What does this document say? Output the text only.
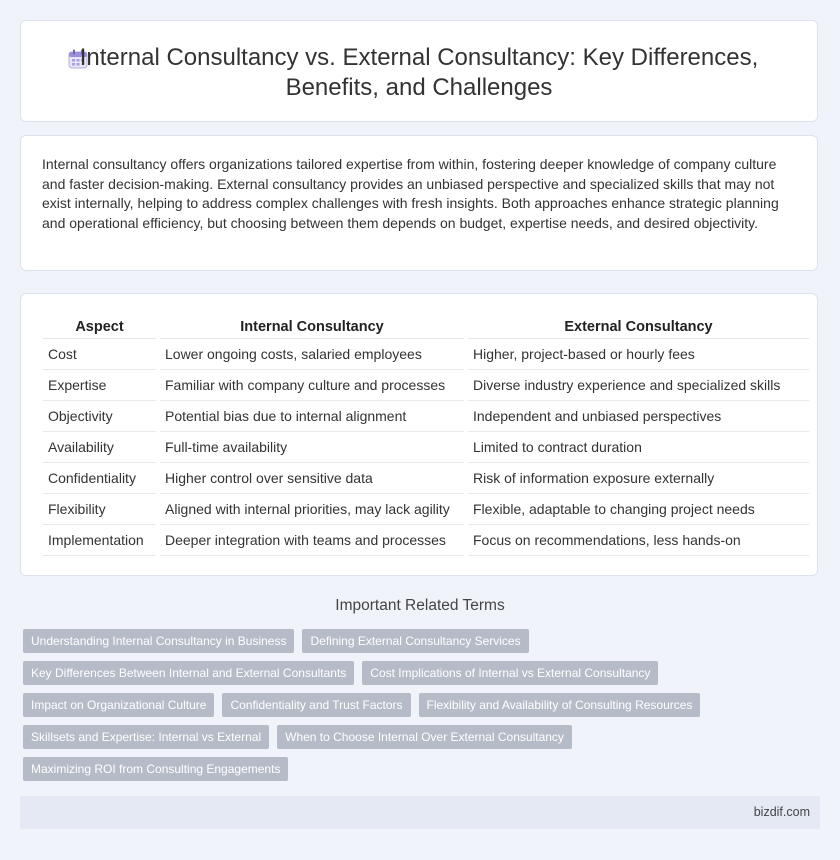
Internal Consultancy vs. External Consultancy: Key Differences, Benefits, and Challenges

Internal consultancy offers organizations tailored expertise from within, fostering deeper knowledge of company culture and faster decision-making. External consultancy provides an unbiased perspective and specialized skills that may not exist internally, helping to address complex challenges with fresh insights. Both approaches enhance strategic planning and operational efficiency, but choosing between them depends on budget, expertise needs, and desired objectivity.

Aspect		Internal Consultancy		External Consultancy
Cost		Lower ongoing costs, salaried employees		Higher, project-based or hourly fees
Expertise		Familiar with company culture and processes		Diverse industry experience and specialized skills
Objectivity		Potential bias due to internal alignment		Independent and unbiased perspectives
Availability		Full-time availability		Limited to contract duration
Confidentiality		Higher control over sensitive data		Risk of information exposure externally
Flexibility		Aligned with internal priorities, may lack agility		Flexible, adaptable to changing project needs
Implementation		Deeper integration with teams and processes		Focus on recommendations, less hands-on
Important Related Terms
Understanding Internal Consultancy in Business	Defining External Consultancy Services
Key Differences Between Internal and External Consultants	Cost Implications of Internal vs External Consultancy
Impact on Organizational Culture	Confidentiality and Trust Factors	Flexibility and Availability of Consulting Resources
Skillsets and Expertise: Internal vs External	When to Choose Internal Over External Consultancy
Maximizing ROI from Consulting Engagements
bizdif.com
